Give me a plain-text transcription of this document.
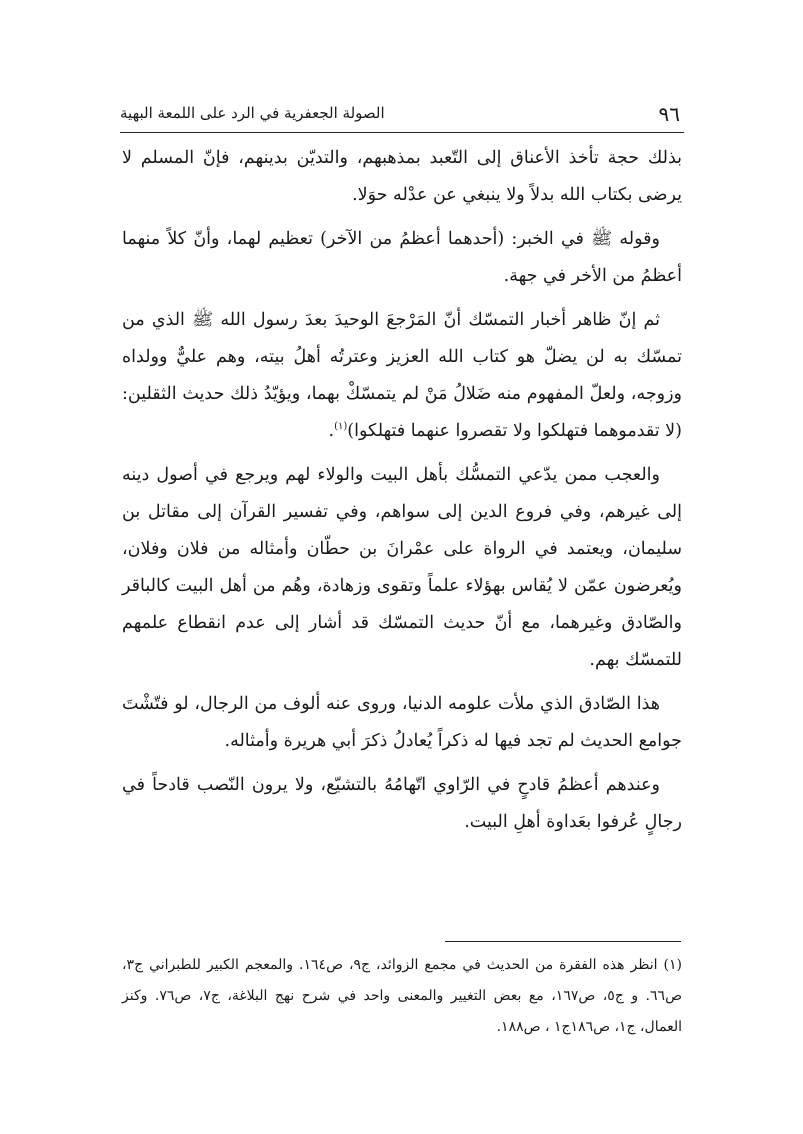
٩٦
الصولة الجعفرية في الرد على اللمعة البهية

بذلك حجة تأخذ الأعناق إلى التّعبد بمذهبهم، والتديّن بدينهم، فإنّ المسلم لا يرضى بكتاب الله بدلاً ولا ينبغي عن عدْله حوَلا.

وقوله ﷺ في الخبر: (أحدهما أعظمُ من الآخر) تعظيم لهما، وأنّ كلاً منهما أعظمُ من الأخر في جهة.

ثم إنّ ظاهر أخبار التمسّك أنّ المَرْجعَ الوحيدَ بعدَ رسول الله ﷺ الذي من تمسّك به لن يضلّ هو كتاب الله العزيز وعترتُه أهلُ بيته، وهم عليٌّ وولداه وزوجه، ولعلّ المفهوم منه ضَلالُ مَنْ لم يتمسّكْ بهما، ويؤيّدُ ذلك حديث الثقلين: (لا تقدموهما فتهلكوا ولا تقصروا عنهما فتهلكوا)$^{(١)}$.

والعجب ممن يدّعي التمسُّك بأهل البيت والولاء لهم ويرجع في أصول دينه إلى غيرهم، وفي فروع الدين إلى سواهم، وفي تفسير القرآن إلى مقاتل بن سليمان، ويعتمد في الرواة على عمْرانَ بن حطّان وأمثاله من فلان وفلان، ويُعرضون عمّن لا يُقاس بهؤلاء علماً وتقوى وزهادة، وهُم من أهل البيت كالباقر والصّادق وغيرهما، مع أنّ حديث التمسّك قد أشار إلى عدم انقطاع علمهم للتمسّك بهم.

هذا الصّادق الذي ملأت علومه الدنيا، وروى عنه ألوف من الرجال، لو فتّشْتَ جوامع الحديث لم تجد فيها له ذكراً يُعادلُ ذكرَ أبي هريرة وأمثاله.

وعندهم أعظمُ قادحٍ في الرّاوي اتّهامُهُ بالتشيّع، ولا يرون النّصب قادحاً في رجالٍ عُرفوا بعَداوة أهلِ البيت.

(١) انظر هذه الفقرة من الحديث في مجمع الزوائد، ج٩، ص١٦٤. والمعجم الكبير للطبراني ج٣، ص٦٦. و ج٥، ص١٦٧، مع بعض التغيير والمعنى واحد في شرح نهج البلاغة، ج٧، ص٧٦. وكنز العمال، ج١، ص١٨٦ج١ ، ص١٨٨.
